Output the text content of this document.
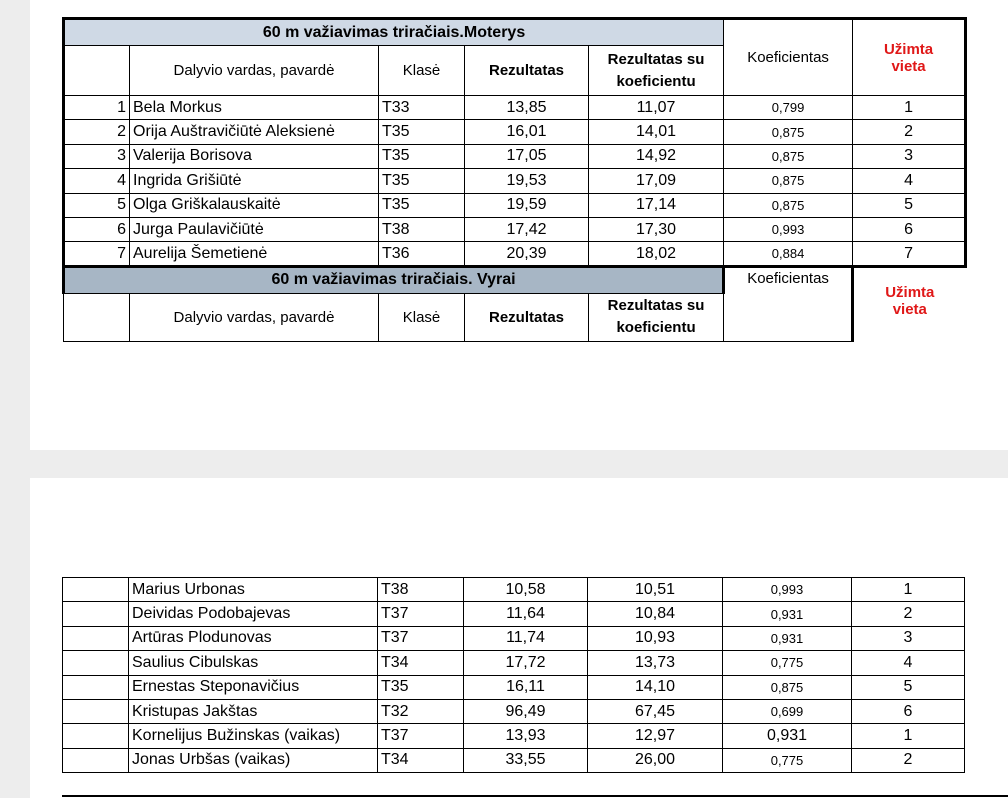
60 m važiavimas triračiais.Moterys					Koeficientas	Užimta
vieta
	Dalyvio vardas, pavardė	Klasė	Rezultatas	Rezultatas su
koeficientu		
1	Bela Morkus	T33	13,85	11,07	0,799	1
2	Orija Auštravičiūtė Aleksienė	T35	16,01	14,01	0,875	2
3	Valerija Borisova	T35	17,05	14,92	0,875	3
4	Ingrida Grišiūtė	T35	19,53	17,09	0,875	4
5	Olga Griškalauskaitė	T35	19,59	17,14	0,875	5
6	Jurga Paulavičiūtė	T38	17,42	17,30	0,993	6
7	Aurelija Šemetienė	T36	20,39	18,02	0,884	7
60 m važiavimas triračiais. Vyrai					Koeficientas	Užimta
vieta
	Dalyvio vardas, pavardė	Klasė	Rezultatas	Rezultatas su
koeficientu		
	Marius Urbonas	T38	10,58	10,51	0,993	1
	Deividas Podobajevas	T37	11,64	10,84	0,931	2
	Artūras Plodunovas	T37	11,74	10,93	0,931	3
	Saulius Cibulskas	T34	17,72	13,73	0,775	4
	Ernestas Steponavičius	T35	16,11	14,10	0,875	5
	Kristupas Jakštas	T32	96,49	67,45	0,699	6
	Kornelijus Bužinskas (vaikas)	T37	13,93	12,97	0,931	1
	Jonas Urbšas (vaikas)	T34	33,55	26,00	0,775	2
